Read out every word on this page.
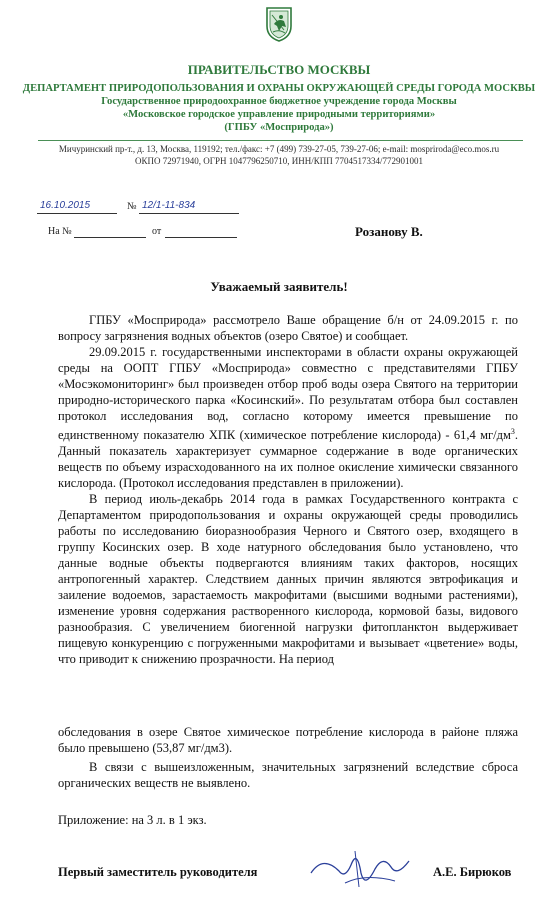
ПРАВИТЕЛЬСТВО МОСКВЫ
ДЕПАРТАМЕНТ ПРИРОДОПОЛЬЗОВАНИЯ И ОХРАНЫ ОКРУЖАЮЩЕЙ СРЕДЫ ГОРОДА МОСКВЫ
Государственное природоохранное бюджетное учреждение города Москвы
«Московское городское управление природными территориями»
(ГПБУ «Мосприрода»)
Мичуринский пр-т., д. 13, Москва, 119192; тел./факс: +7 (499) 739-27-05, 739-27-06; e-mail: mospriroda@eco.mos.ru
ОКПО 72971940, ОГРН 1047796250710, ИНН/КПП 7704517334/772901001
16.10.2015	№ 12/1-11-834
На №	от	Розанову В.
Уважаемый заявитель!

ГПБУ «Мосприрода» рассмотрело Ваше обращение б/н от 24.09.2015 г. по вопросу загрязнения водных объектов (озеро Святое) и сообщает.

29.09.2015 г. государственными инспекторами в области охраны окружающей среды на ООПТ ГПБУ «Мосприрода» совместно с представителями ГПБУ «Мосэкомониторинг» был произведен отбор проб воды озера Святого на территории природно-исторического парка «Косинский». По результатам отбора был составлен протокол исследования вод, согласно которому имеется превышение по единственному показателю ХПК (химическое потребление кислорода) - 61,4 $мг/дм^3$. Данный показатель характеризует суммарное содержание в воде органических веществ по объему израсходованного на их полное окисление химически связанного кислорода. (Протокол исследования представлен в приложении).

В период июль-декабрь 2014 года в рамках Государственного контракта с Департаментом природопользования и охраны окружающей среды проводились работы по исследованию биоразнообразия Черного и Святого озер, входящего в группу Косинских озер. В ходе натурного обследования было установлено, что данные водные объекты подвергаются влияниям таких факторов, носящих антропогенный характер. Следствием данных причин являются эвтрофикация и заиление водоемов, зарастаемость макрофитами (высшими водными растениями), изменение уровня содержания растворенного кислорода, кормовой базы, видового разнообразия. С увеличением биогенной нагрузки фитопланктон выдерживает пищевую конкуренцию с погруженными макрофитами и вызывает «цветение» воды, что приводит к снижению прозрачности. На период

обследования в озере Святое химическое потребление кислорода в районе пляжа было превышено (53,87 мг/дм3).

В связи с вышеизложенным, значительных загрязнений вследствие сброса органических веществ не выявлено.

Приложение: на 3 л. в 1 экз.
Первый заместитель руководителя	А.Е. Бирюков
